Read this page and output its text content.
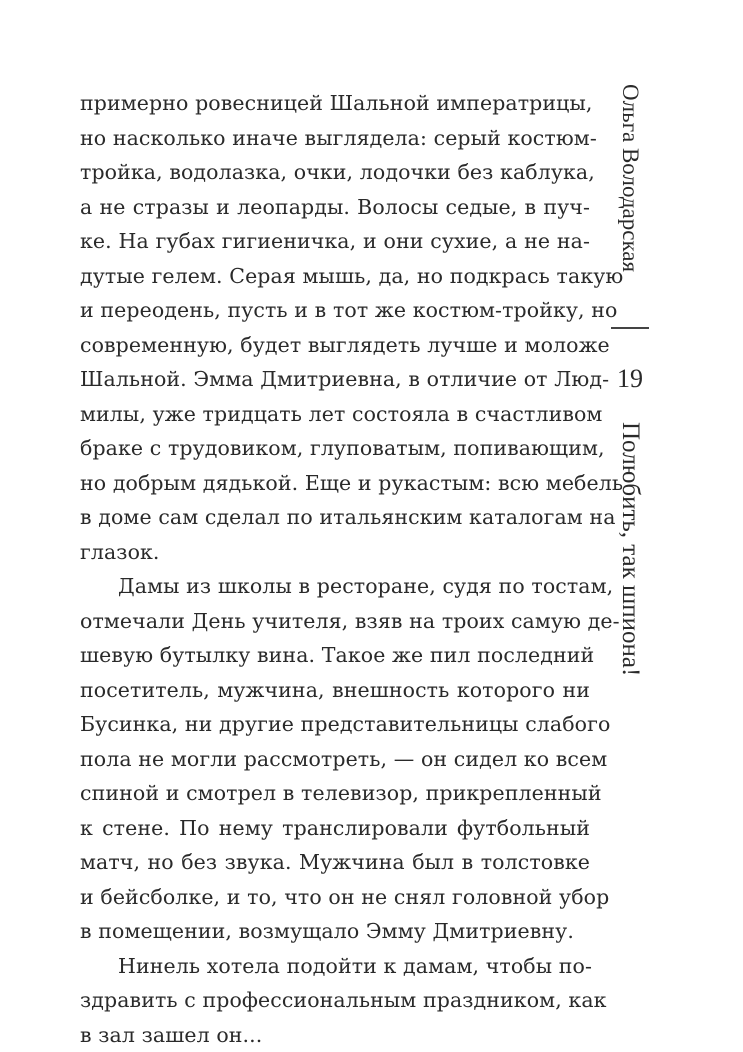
примерно ровесницей Шальной императрицы,
но насколько иначе выглядела: серый костюм-
тройка, водолазка, очки, лодочки без каблука,
а не стразы и леопарды. Волосы седые, в пуч-
ке. На губах гигиеничка, и они сухие, а не на-
дутые гелем. Серая мышь, да, но подкрась такую
и переодень, пусть и в тот же костюм-тройку, но
современную, будет выглядеть лучше и моложе
Шальной. Эмма Дмитриевна, в отличие от Люд-
милы, уже тридцать лет состояла в счастливом
браке с трудовиком, глуповатым, попивающим,
но добрым дядькой. Еще и рукастым: всю мебель
в доме сам сделал по итальянским каталогам на
глазок.
Дамы из школы в ресторане, судя по тостам,
отмечали День учителя, взяв на троих самую де-
шевую бутылку вина. Такое же пил последний
посетитель, мужчина, внешность которого ни
Бусинка, ни другие представительницы слабого
пола не могли рассмотреть, — он сидел ко всем
спиной и смотрел в телевизор, прикрепленный
к стене. По нему транслировали футбольный
матч, но без звука. Мужчина был в толстовке
и бейсболке, и то, что он не снял головной убор
в помещении, возмущало Эмму Дмитриевну.
Нинель хотела подойти к дамам, чтобы по-
здравить с профессиональным праздником, как
в зал зашел он...
Ольга Володарская
19
Полюбить, так шпиона!
